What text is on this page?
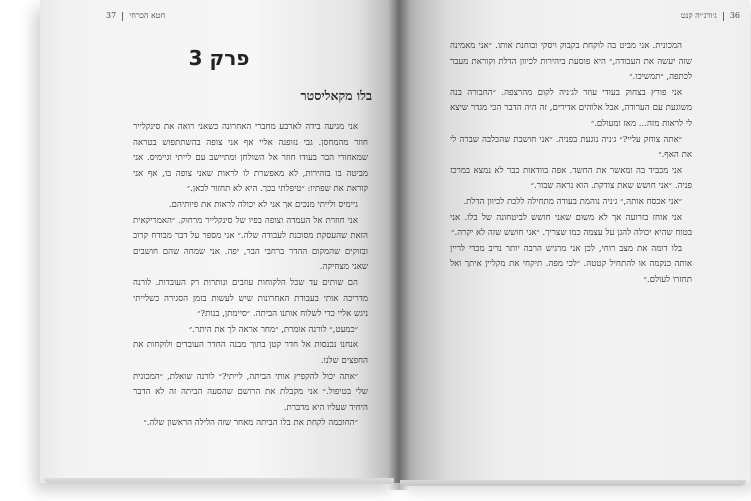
חטא הכרחי37
פרק 3
בלו מקאליסטר

אני מגיעה בידה לארבע מחברי האחרונה כשאני רואה את סינקלייר חוזר מהמחסן. גבי נזופנה אליי אף אני צופה בהשתתפוש בטראה שמאחורי הבר בעודו חוזר אל השולחן ומתיישב עם לייתי וגיימיס. אני מביטה בו בזהירות, לא מאפשרת לו לראות שאני צופה בו, אף אני קוראת את שפתיו: ״טיפלתי בכך. היא לא תחזור לכאן.״

גיימיס ולייתי מנכים אך אני לא יכולה לראות את פיותיהם.

אני חוזרת אל העמדה וצופה בפיו של סינקלייר מרחוק. ״האמריקאית הזאת שהעסקת מסוכנת לעבודה שלה.״ אני מספר על דבר מבודח קרוב ובזוקים שהמקום ההדר ברחבי הבר, יפה. אני שמחה שהם חושבים שאני מצחיקה.

הם שותים עד שכל הלקוחות עוזבים ונותרות רק העובדות. לורנה מדריכה אותי בעבודת האחרונות שיש לעשות בזמן הסגירה כשלייתי ניגש אליי כדי לשלוח אותנו הביתה. ״סיימתן, בנות?״

״כמעט,״ לורנה אומרת, ״מחר אראה לך את היתר.״

אנחנו נכנסות אל חדר קטן בתוך מבנה החדר העובדים ולוקחות את החפצים שלנו.

״אתה יכול להקפיץ אותי הביתה, לייתי?״ לורנה שואלת, ״המכונית שלי בטיפול.״ אני מקבלת את הרושם שהסעה הביתה זה לא הדבר היחיד שעליו היא מדברת.

״החוכמה לקחת את בלו הביתה מאחר שזה הלילה הראשון שלה.״

36ג׳ורג׳יה קנט

המכונית. אני מביט בה לוקחת בקבוק ויסקי ובוחנת אותו. ״אני מאמינה שזה יעשה את העבודה,״ היא פוסעת ביהירות לכיוון הדלת וקוראת מעבר לכתפה, ״תמשיכו.״

אני פורץ בצחוק בעודי עוזר לג׳ניה לקום מהרצפה. ״החבורה בנה משוגעת עם הערודה, אבל אלוהים אדירים, זה היה הדבר הכי מגדר שיצא לי לראות מזה... מאז ומעולם.״

״אתה צוחק עליי?״ ג׳ניה נוגעת בפניה. ״אני חושבת שהכלבה שברה לי את האף.״

אני מכביד בה ומאשר את החשד. אפה בוודאות כבר לא נמצא במרכז פניה. ״אני חושש שאת צודקת. הוא נראה שבור.״

״אני אכסח אותה,״ ג׳ניה נוהמת בעודה מתחילה ללכת לכיוון הדלת.

אני אוחז בזרועה אך לא משום שאני חושש לביטחונה של בלו. אני בטוח שהיא יכולה להגן על עצמה כמו שצריך. ״אני חושש שזה לא יקרה.״

בלו דומה את מצב רוחי, לכן אני מרגיש הרבה יותר נדיב מכדי לריין אותה כנקמה או להתחיל קטטה. ״לכי מפה. תיקחי את מקליין איתך ואל תחזרו לעולם.״
